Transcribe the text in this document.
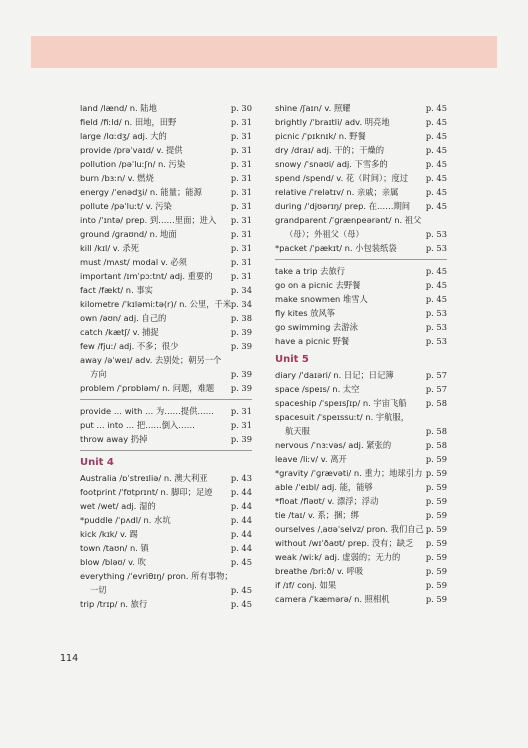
land /lænd/ n. 陆地	p. 30
field /fiːld/ n. 田地，田野	p. 31
large /lɑːdʒ/ adj. 大的	p. 31
provide /prəˈvaɪd/ v. 提供	p. 31
pollution /pəˈluːʃn/ n. 污染	p. 31
burn /bɜːn/ v. 燃烧	p. 31
energy /ˈenədʒi/ n. 能量；能源	p. 31
pollute /pəˈluːt/ v. 污染	p. 31
into /ˈɪntə/ prep. 到……里面；进入 p. 31
ground /ɡraʊnd/ n. 地面	p. 31
kill /kɪl/ v. 杀死	p. 31
must /mʌst/ modal v. 必须	p. 31
important /ɪmˈpɔːtnt/ adj. 重要的 p. 31
fact /fækt/ n. 事实	p. 34
kilometre /ˈkɪləmiːtə(r)/ n. 公里，千米 p. 34
own /əʊn/ adj. 自己的	p. 38
catch /kætʃ/ v. 捕捉	p. 39
few /fjuː/ adj. 不多；很少	p. 39
away /əˈweɪ/ adv. 去别处；朝另一个
方向	p. 39
problem /ˈprɒbləm/ n. 问题，难题 p. 39
provide … with … 为……提供…… p. 31
put … into … 把……倒入……	p. 31
throw away 扔掉	p. 39
Unit 4
Australia /ɒˈstreɪliə/ n. 澳大利亚	p. 43
footprint /ˈfʊtprɪnt/ n. 脚印；足迹 p. 44
wet /wet/ adj. 湿的	p. 44
*puddle /ˈpʌdl/ n. 水坑	p. 44
kick /kɪk/ v. 踢	p. 44
town /taʊn/ n. 镇	p. 44
blow /bləʊ/ v. 吹	p. 45
everything /ˈevriθɪŋ/ pron. 所有事物；
一切	p. 45
trip /trɪp/ n. 旅行	p. 45
shine /ʃaɪn/ v. 照耀	p. 45
brightly /ˈbraɪtli/ adv. 明亮地	p. 45
picnic /ˈpɪknɪk/ n. 野餐	p. 45
dry /draɪ/ adj. 干的；干燥的	p. 45
snowy /ˈsnəʊi/ adj. 下雪多的	p. 45
spend /spend/ v. 花（时间）；度过 p. 45
relative /ˈrelətɪv/ n. 亲戚；亲属	p. 45
during /ˈdjʊərɪŋ/ prep. 在……期间 p. 45
grandparent /ˈɡrænpeərənt/ n. 祖父
（母）；外祖父（母）	p. 53
*packet /ˈpækɪt/ n. 小包装纸袋	p. 53
take a trip 去旅行	p. 45
go on a picnic 去野餐	p. 45
make snowmen 堆雪人	p. 45
fly kites 放风筝	p. 53
go swimming 去游泳	p. 53
have a picnic 野餐	p. 53
Unit 5
diary /ˈdaɪəri/ n. 日记；日记簿	p. 57
space /speɪs/ n. 太空	p. 57
spaceship /ˈspeɪsʃɪp/ n. 宇宙飞船 p. 58
spacesuit /ˈspeɪssuːt/ n. 宇航服，
航天服	p. 58
nervous /ˈnɜːvəs/ adj. 紧张的	p. 58
leave /liːv/ v. 离开	p. 59
*gravity /ˈɡrævəti/ n. 重力；地球引力 p. 59
able /ˈeɪbl/ adj. 能，能够	p. 59
*float /fləʊt/ v. 漂浮；浮动	p. 59
tie /taɪ/ v. 系；捆；绑	p. 59
ourselves /ˌaʊəˈselvz/ pron. 我们自己 p. 59
without /wɪˈðaʊt/ prep. 没有；缺乏 p. 59
weak /wiːk/ adj. 虚弱的；无力的	p. 59
breathe /briːð/ v. 呼吸	p. 59
if /ɪf/ conj. 如果	p. 59
camera /ˈkæmərə/ n. 照相机	p. 59
114
